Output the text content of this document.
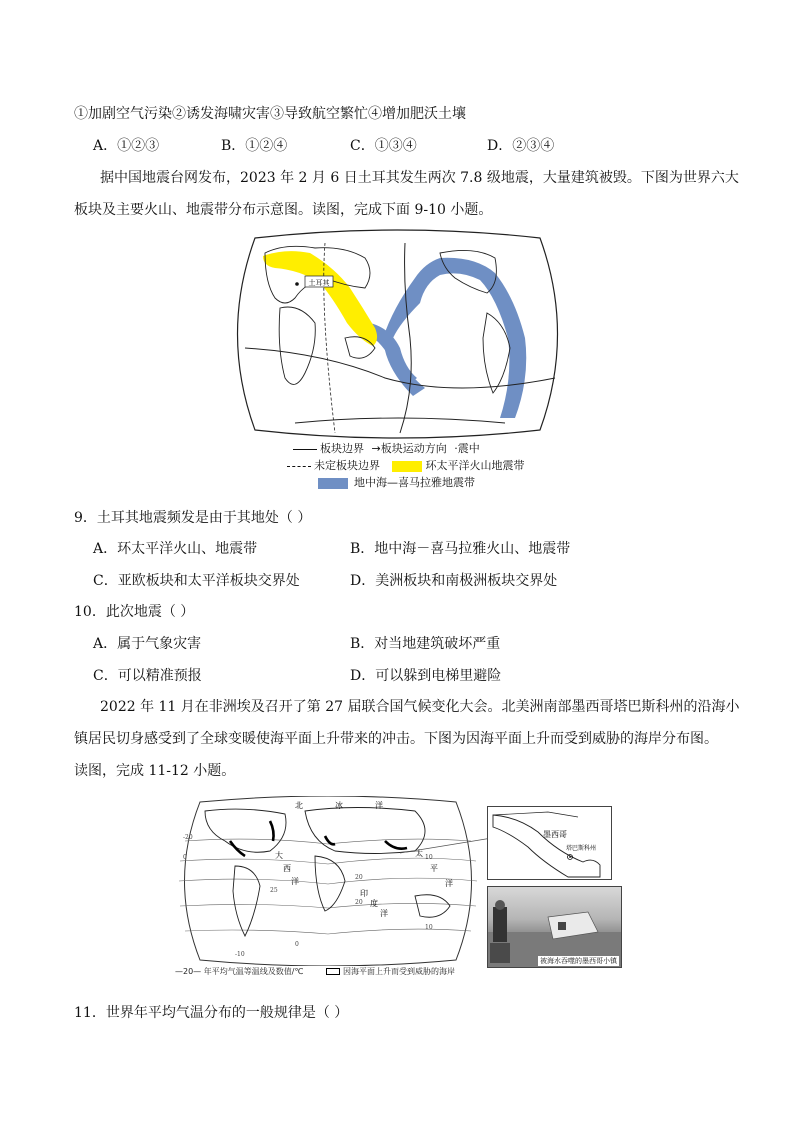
①加剧空气污染②诱发海啸灾害③导致航空繁忙④增加肥沃土壤
A．①②③	B．①②④	C．①③④	D．②③④
据中国地震台网发布，2023 年 2 月 6 日土耳其发生两次 7.8 级地震，大量建筑被毁。下图为世界六大
板块及主要火山、地震带分布示意图。读图，完成下面 9-10 小题。
土耳其
板块边界 →板块运动方向 ·震中
未定板块边界	环太平洋火山地震带
地中海—喜马拉雅地震带
9．土耳其地震频发是由于其地处（ ）
A．环太平洋火山、地震带	B．地中海－喜马拉雅火山、地震带
C．亚欧板块和太平洋板块交界处	D．美洲板块和南极洲板块交界处
10．此次地震（ ）
A．属于气象灾害	B．对当地建筑破坏严重
C．可以精准预报	D．可以躲到电梯里避险
2022 年 11 月在非洲埃及召开了第 27 届联合国气候变化大会。北美洲南部墨西哥塔巴斯科州的沿海小
镇居民切身感受到了全球变暖使海平面上升带来的冲击。下图为因海平面上升而受到威胁的海岸分布图。
读图，完成 11-12 小题。
北	冰	洋
太
平
洋
大
西
洋
印
度
洋
-20
0	10
20
25
20
10
0
-10
墨西哥
塔巴斯科州
被海水吞噬的墨西哥小镇
—20— 年平均气温等温线及数值/℃	因海平面上升而受到威胁的海岸
11．世界年平均气温分布的一般规律是（ ）
